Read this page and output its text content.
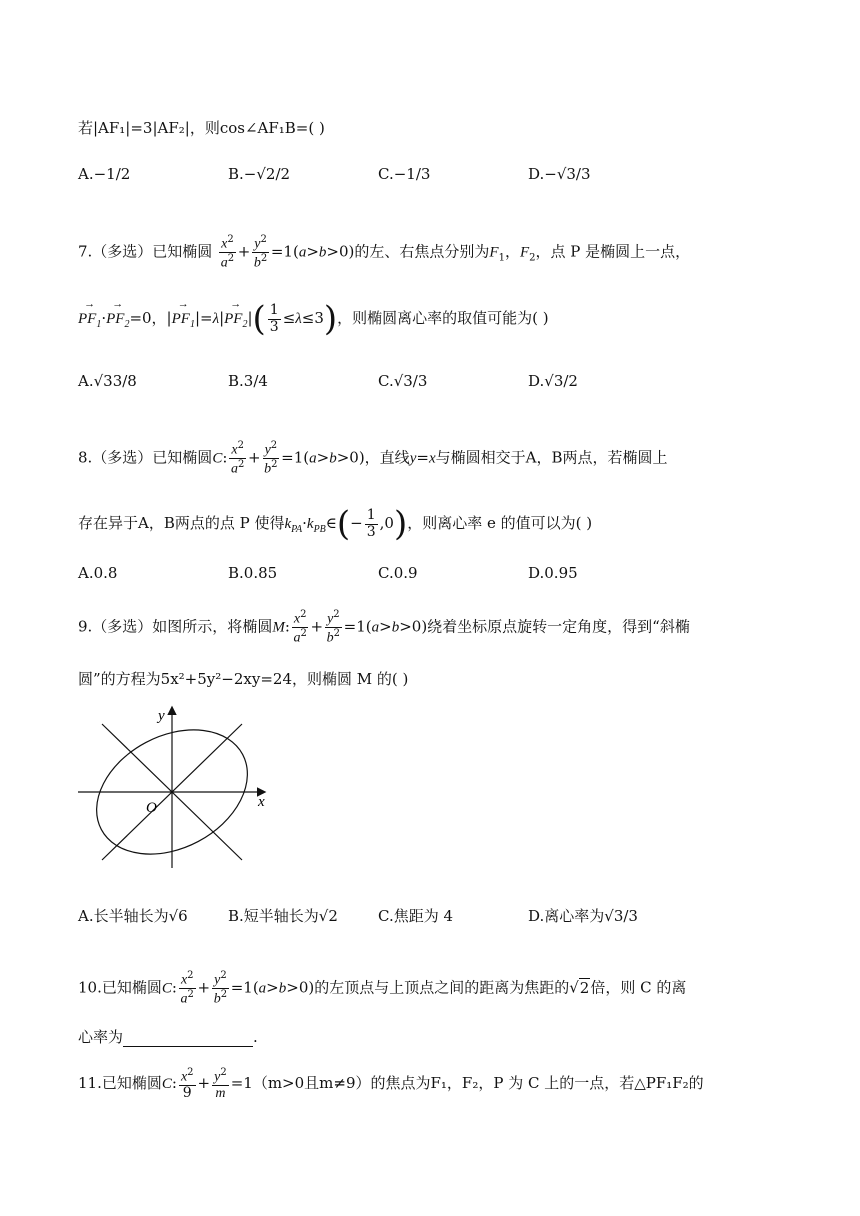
若|AF₁|=3|AF₂|，则cos∠AF₁B=( )
A.−1/2	B.−√2/2	C.−1/3	D.−√3/3
7.（多选）已知椭圆 $\frac{x^2}{a^2} + \frac{y^2}{b^2} =1(a>b>0)$的左、右焦点分别为$F_1$，$F_2$，点 P 是椭圆上一点，
→ $PF_1\cdot\to PF_2=0$，|→ $PF_1|=\lambda|\to PF_2|( \frac{1}{3} \le\lambda\le 3)$，则椭圆离心率的取值可能为( )
A.√33/8	B.3/4	C.√3/3	D.√3/2
8.（多选）已知椭圆C: $\frac{x^2}{a^2} + \frac{y^2}{b^2} =1(a>b>0)$，直线y=x与椭圆相交于A，B两点，若椭圆上
存在异于A，B两点的点 P 使得$k_{PA}\cdot k_{PB}\in(- \frac{1}{3} ,0)$，则离心率 e 的值可以为( )
A.0.8	B.0.85	C.0.9	D.0.95
9.（多选）如图所示，将椭圆M: $\frac{x^2}{a^2} + \frac{y^2}{b^2} =1(a>b>0)$绕着坐标原点旋转一定角度，得到“斜椭
圆”的方程为5x²+5y²−2xy=24，则椭圆 M 的( )
y
x
O
A.长半轴长为√6	B.短半轴长为√2	C.焦距为 4	D.离心率为√3/3
10.已知椭圆C: $\frac{x^2}{a^2} + \frac{y^2}{b^2} =1(a>b>0)$的左顶点与上顶点之间的距离为焦距的√2倍，则 C 的离
心率为	.
11.已知椭圆C: $\frac{x^2}{9} + \frac{y^2}{m} =1(m>0$且m≠9）的焦点为F₁，F₂，P 为 C 上的一点，若△PF₁F₂的
